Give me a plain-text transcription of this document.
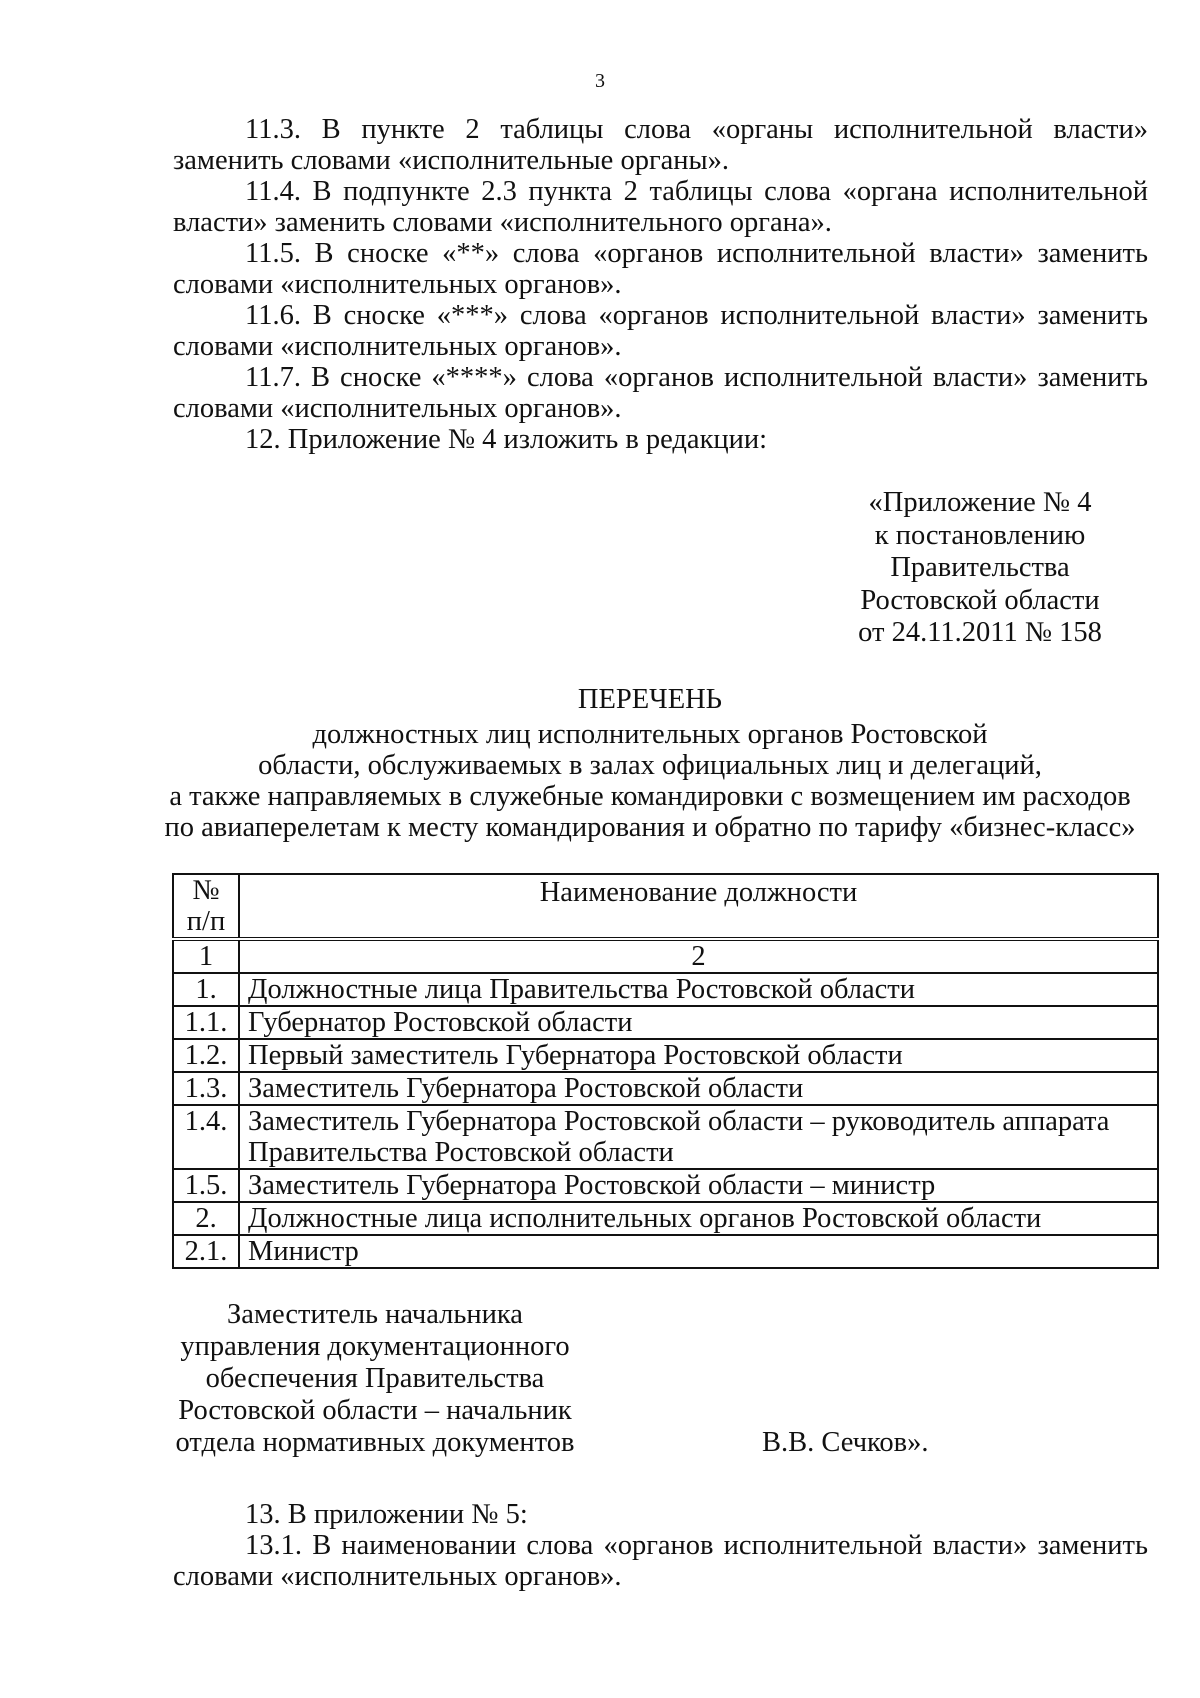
3

11.3. В пункте 2 таблицы слова «органы исполнительной власти» заменить словами «исполнительные органы».

11.4. В подпункте 2.3 пункта 2 таблицы слова «органа исполнительной власти» заменить словами «исполнительного органа».

11.5. В сноске «**» слова «органов исполнительной власти» заменить словами «исполнительных органов».

11.6. В сноске «***» слова «органов исполнительной власти» заменить словами «исполнительных органов».

11.7. В сноске «****» слова «органов исполнительной власти» заменить словами «исполнительных органов».

12. Приложение № 4 изложить в редакции:

«Приложение № 4
к постановлению
Правительства
Ростовской области
от 24.11.2011 № 158
ПЕРЕЧЕНЬ
должностных лиц исполнительных органов Ростовской
области, обслуживаемых в залах официальных лиц и делегаций,
а также направляемых в служебные командировки с возмещением им расходов
по авиаперелетам к месту командирования и обратно по тарифу «бизнес-класс»
№
п/п	Наименование должности
1	2
1.	Должностные лица Правительства Ростовской области
1.1.	Губернатор Ростовской области
1.2.	Первый заместитель Губернатора Ростовской области
1.3.	Заместитель Губернатора Ростовской области
1.4.	Заместитель Губернатора Ростовской области – руководитель аппарата Правительства Ростовской области
1.5.	Заместитель Губернатора Ростовской области – министр
2.	Должностные лица исполнительных органов Ростовской области
2.1.	Министр
Заместитель начальника
управления документационного
обеспечения Правительства
Ростовской области – начальник
отдела нормативных документов	В.В. Сечков».

13. В приложении № 5:

13.1. В наименовании слова «органов исполнительной власти» заменить словами «исполнительных органов».
